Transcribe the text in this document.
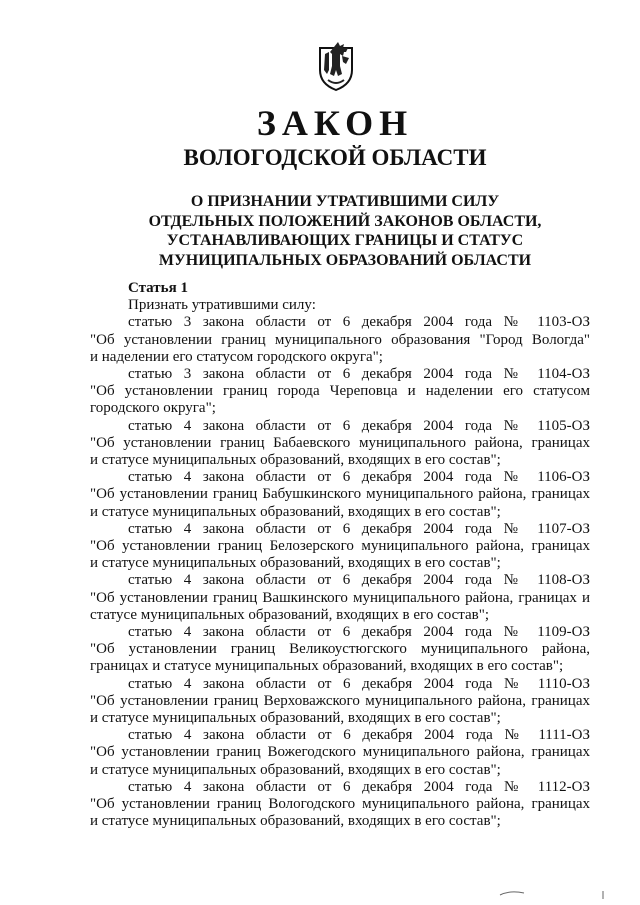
ЗАКОН
ВОЛОГОДСКОЙ ОБЛАСТИ
О ПРИЗНАНИИ УТРАТИВШИМИ СИЛУ
ОТДЕЛЬНЫХ ПОЛОЖЕНИЙ ЗАКОНОВ ОБЛАСТИ,
УСТАНАВЛИВАЮЩИХ ГРАНИЦЫ И СТАТУС
МУНИЦИПАЛЬНЫХ ОБРАЗОВАНИЙ ОБЛАСТИ
Статья 1
Признать утратившими силу:
статью 3 закона области от 6 декабря 2004 года № 1103-ОЗ
"Об установлении границ муниципального образования "Город Вологда"
и наделении его статусом городского округа";
статью 3 закона области от 6 декабря 2004 года № 1104-ОЗ
"Об установлении границ города Череповца и наделении его статусом
городского округа";
статью 4 закона области от 6 декабря 2004 года № 1105-ОЗ
"Об установлении границ Бабаевского муниципального района, границах
и статусе муниципальных образований, входящих в его состав";
статью 4 закона области от 6 декабря 2004 года № 1106-ОЗ
"Об установлении границ Бабушкинского муниципального района, границах
и статусе муниципальных образований, входящих в его состав";
статью 4 закона области от 6 декабря 2004 года № 1107-ОЗ
"Об установлении границ Белозерского муниципального района, границах
и статусе муниципальных образований, входящих в его состав";
статью 4 закона области от 6 декабря 2004 года № 1108-ОЗ
"Об установлении границ Вашкинского муниципального района, границах и
статусе муниципальных образований, входящих в его состав";
статью 4 закона области от 6 декабря 2004 года № 1109-ОЗ
"Об установлении границ Великоустюгского муниципального района,
границах и статусе муниципальных образований, входящих в его состав";
статью 4 закона области от 6 декабря 2004 года № 1110-ОЗ
"Об установлении границ Верховажского муниципального района, границах
и статусе муниципальных образований, входящих в его состав";
статью 4 закона области от 6 декабря 2004 года № 1111-ОЗ
"Об установлении границ Вожегодского муниципального района, границах
и статусе муниципальных образований, входящих в его состав";
статью 4 закона области от 6 декабря 2004 года № 1112-ОЗ
"Об установлении границ Вологодского муниципального района, границах
и статусе муниципальных образований, входящих в его состав";
